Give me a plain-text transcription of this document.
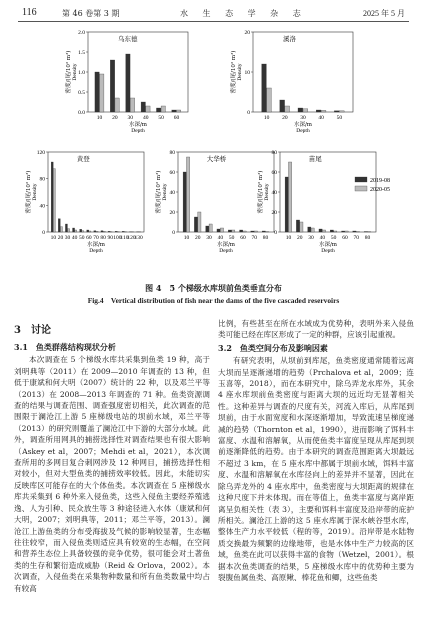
116	第 46 卷第 3 期	水 生 态 学 杂 志	2025 年 5 月
乌东德
0.0
0.5
1.0
1.5
2.0
10 20 30 40 50 60
水深/m
Depth
密度/(尾/10³ m³) Density
溪洛
0
10
20
10 20 30 40 50
水深/m
Depth
密度/(尾/10³ m³) Density
黄登
0
40
80
120
10 20 30 40 50 60 70 80 90 100
110
120
130
水深/m
Depth
密度/(尾/10³ m³) Density
大华桥
0
20
40
60
80
10 20 30 40 50 60 70 80
水深/m
Depth
密度/(尾/10³ m³) Density
苗尾
0
20
40
60
80
10 20 30 40 50 60 70 80
水深/m
Depth
密度/(尾/10³ m³) Density
2019-08
2020-05
图 4　5 个梯级水库坝前鱼类垂直分布
Fig.4　Vertical distribution of fish near the dams of the five cascaded reservoirs
3　讨论
3.1　鱼类群落结构现状分析

本次调查在 5 个梯级水库共采集到鱼类 19 种，高于刘明典等（2011）在 2009—2010 年调查的 13 种，但低于康斌和何大明（2007）统计的 22 种，以及邓兰平等（2013）在 2008—2013 年调查的 71 种。鱼类资源调查的结果与调查范围、调查强度密切相关，此次调查的范围限于澜沧江上游 5 座梯级电站的坝前水域，邓兰平等（2013）的研究则覆盖了澜沧江中下游的大部分水域。此外，调查所用网具的捕捞选择性对调查结果也有很大影响（Askey et al，2007；Mehdi et al，2021），本次调查所用的多网目复合刺网涉及 12 种网目，捕捞选择性相对较小，但对大型鱼类的捕捞效率较低。因此，未能切实反映库区可能存在的大个体鱼类。本次调查在 5 座梯级水库共采集到 6 种外来入侵鱼类，这些入侵鱼主要经养殖逃逸、人为引种、民众放生等 3 种途径进入水体（康斌和何大明，2007；刘明典等，2011；邓兰平等，2013）。澜沧江上游鱼类的分布受海拔及气候的影响较显著，生态幅往往较窄，而入侵鱼类则适应具有较宽的生态幅，在空间和营养生态位上具备较强的竞争优势，很可能会对土著鱼类的生存和繁衍造成威胁（Reid & Orlova，2002）。本次调查，入侵鱼类在采集物种数量和所有鱼类数量中均占有较高

比例，有些甚至在所在水域成为优势种，表明外来入侵鱼类可能已经在库区形成了一定的种群，应该引起重视。

3.2　鱼类空间分布及影响因素

有研究表明，从坝前到库尾，鱼类密度通常随着远离大坝而呈逐渐递增的趋势（Prchalova et al，2009；连玉喜等，2018），而在本研究中，除乌弄龙水库外，其余 4 座水库坝前鱼类密度与距离大坝的远近均无显著相关性。这种差异与调查的尺度有关，河流入库后，从库尾到坝前，由于水面宽度和水深逐渐增加，导致流速呈梯度递减的趋势（Thornton et al，1990），进而影响了饵料丰富度、水温和溶解氧，从而使鱼类丰富度呈现从库尾到坝前逐渐降低的趋势。由于本研究的调查范围距离大坝最远不超过 3 km，在 5 座水库中都属于坝前水域，饵料丰富度、水温和溶解氧在水库径向上的差异并不显著，因此在除乌弄龙外的 4 座水库中，鱼类密度与大坝距离的规律在这种尺度下并未体现。而在等值上，鱼类丰富度与离岸距离呈负相关性（表 3），主要和饵料丰富度及沿岸带的庇护所相关。澜沧江上游的这 5 座水库属于深水峡谷型水库，整体生产力水平较低（程的等，2019）。沿岸带是水陆物质交换最为频繁的边缘地带，也是水体中生产力较高的区域，鱼类在此可以获得丰富的食物（Wetzel，2001）。根据本次鱼类调查的结果，5 座梯级水库中的优势种主要为裂腹鱼属鱼类、高原鳅、棒花鱼和鲫，这些鱼类
